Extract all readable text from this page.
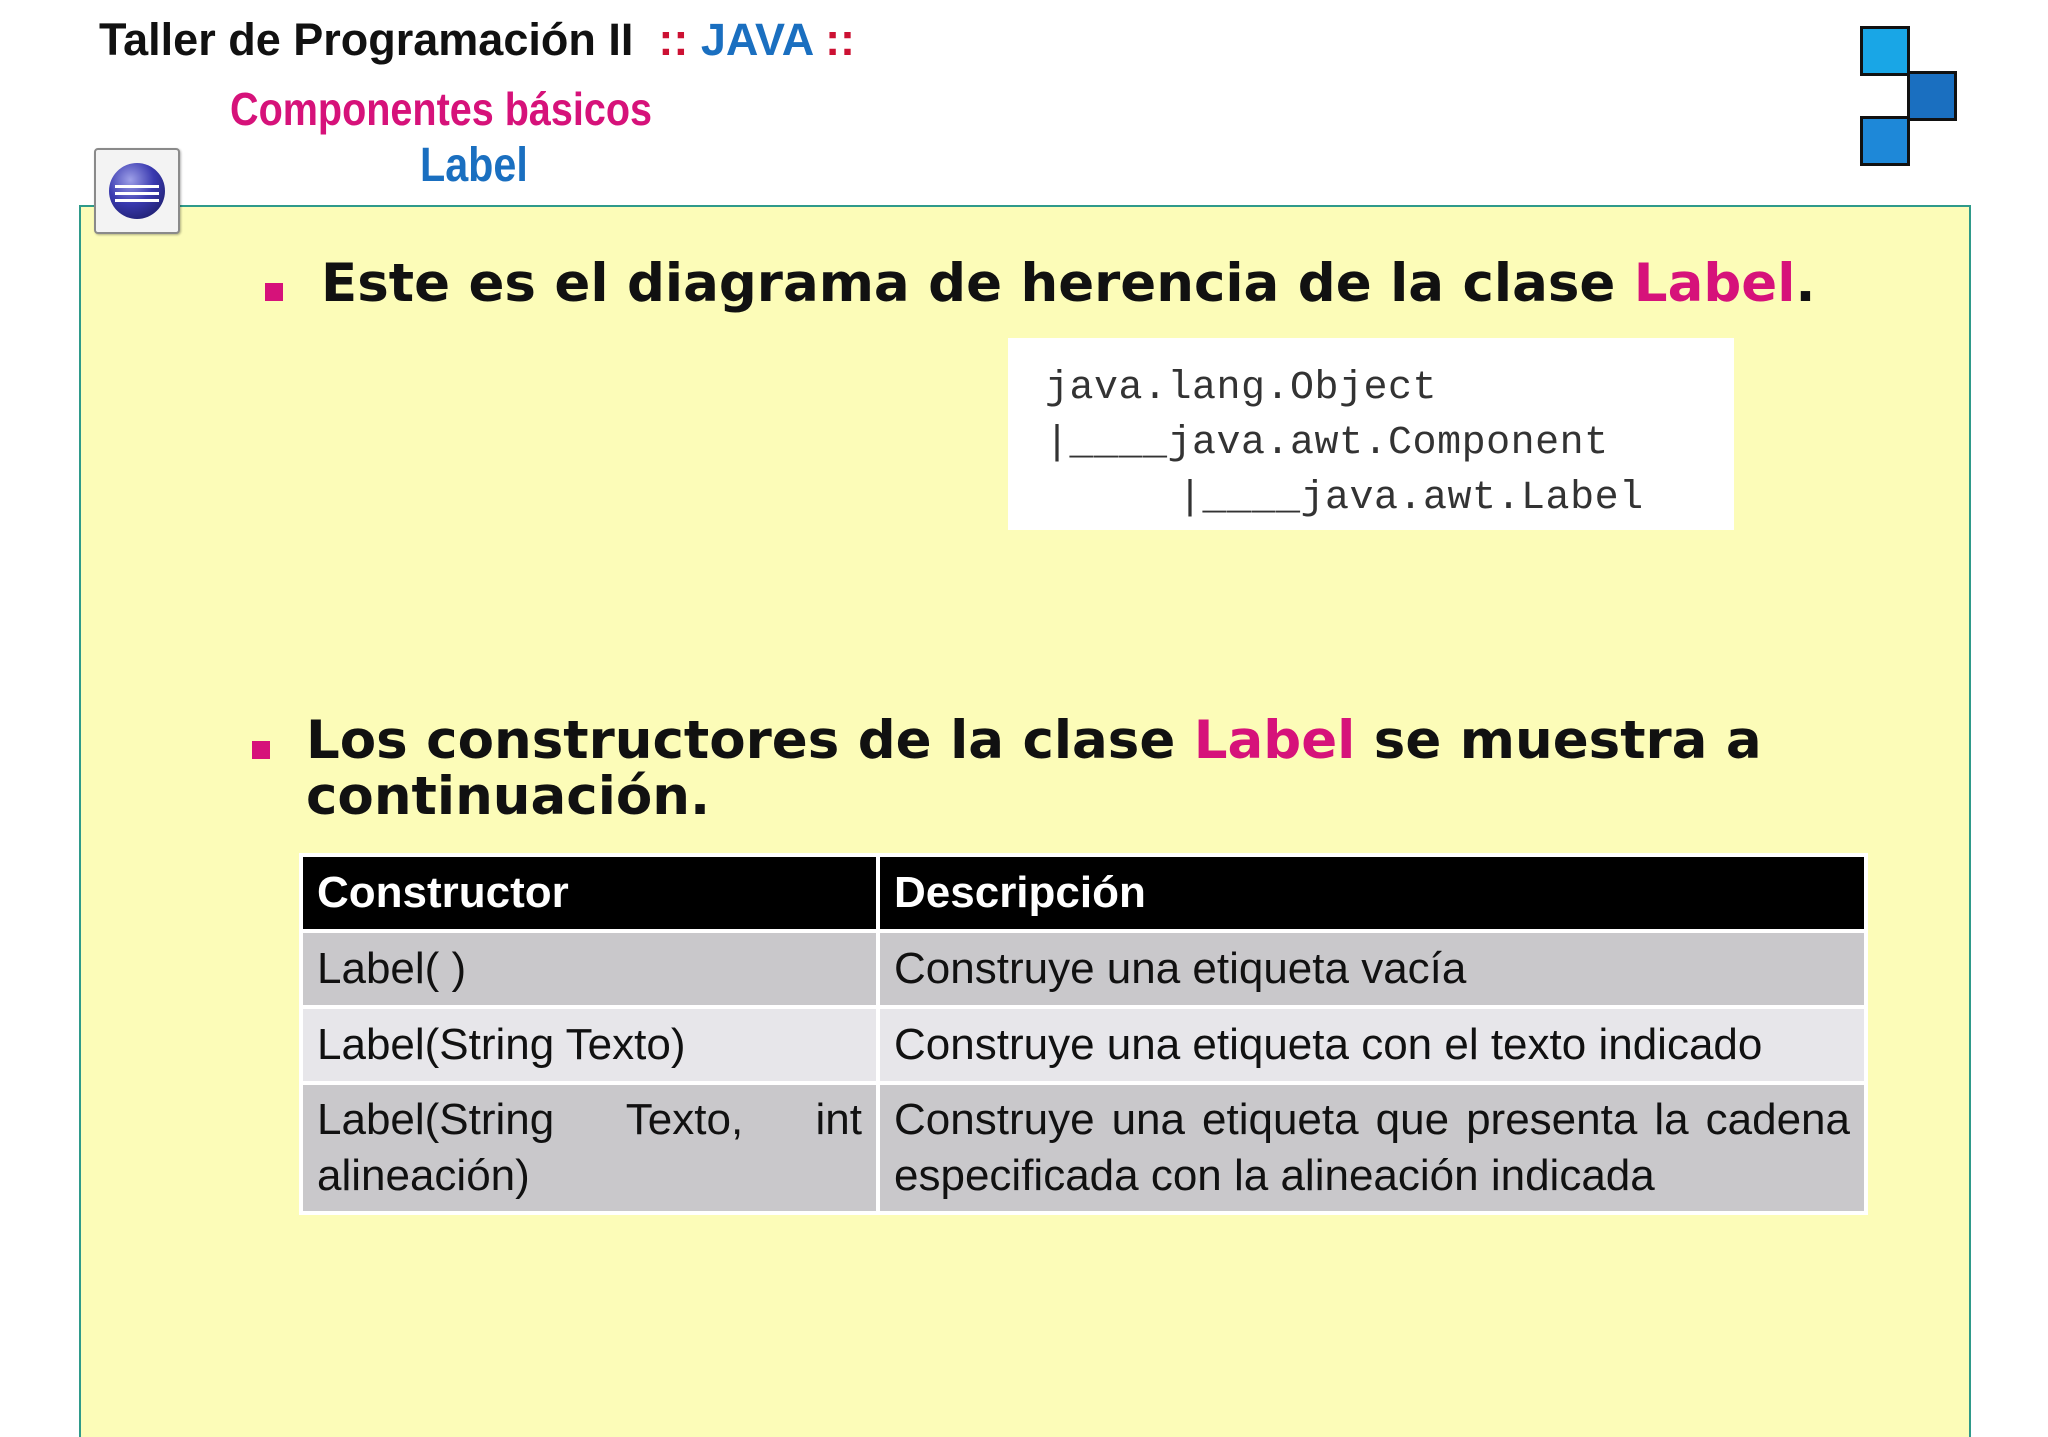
Taller de Programación II :: JAVA ::
Componentes básicos
Label
Este es el diagrama de herencia de la clase Label.
java.lang.Object
|____java.awt.Component
|____java.awt.Label
Los constructores de la clase Label se muestra a
continuación.
Constructor	Descripción
Label( )	Construye una etiqueta vacía
Label(String Texto)	Construye una etiqueta con el texto indicado

Label(String Texto, int alineación)	Construye una etiqueta que presenta la cadena especificada con la alineación indicada
